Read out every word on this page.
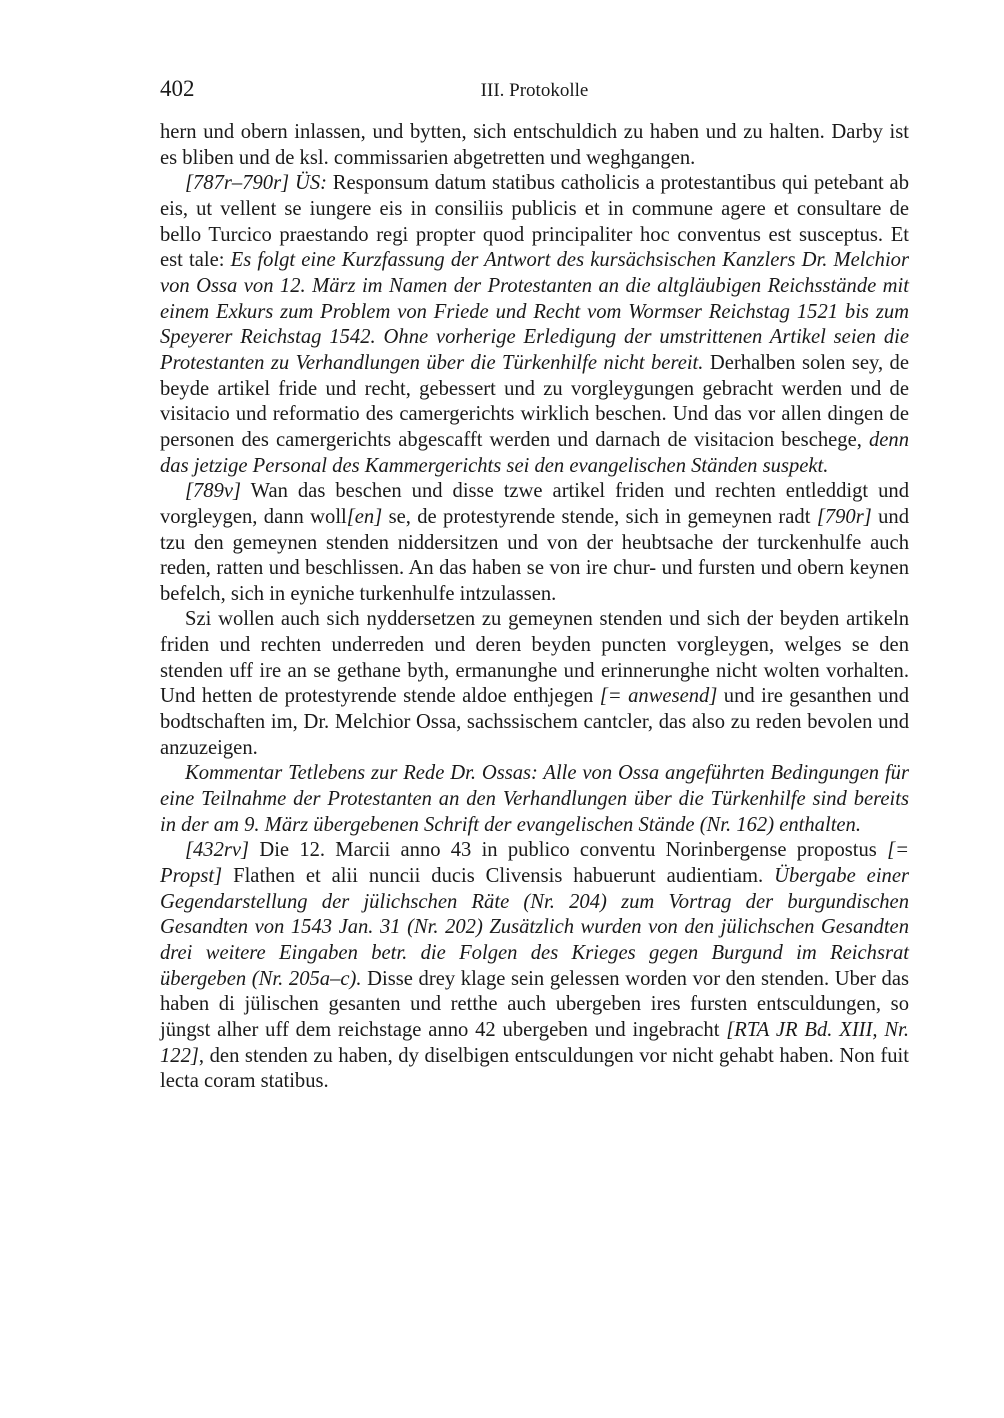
402	III. Protokolle

hern und obern inlassen, und bytten, sich entschuldich zu haben und zu halten. Darby ist es bliben und de ksl. commissarien abgetretten und weghgangen.

[787r–790r] ÜS: Responsum datum statibus catholicis a protestantibus qui petebant ab eis, ut vellent se iungere eis in consiliis publicis et in commune agere et consultare de bello Turcico praestando regi propter quod principaliter hoc conventus est susceptus. Et est tale: Es folgt eine Kurzfassung der Antwort des kursächsischen Kanzlers Dr. Melchior von Ossa von 12. März im Namen der Protestanten an die altgläubigen Reichsstände mit einem Exkurs zum Problem von Friede und Recht vom Wormser Reichstag 1521 bis zum Speyerer Reichstag 1542. Ohne vorherige Erledigung der umstrittenen Artikel seien die Protestanten zu Verhandlungen über die Türkenhilfe nicht bereit. Derhalben solen sey, de beyde artikel fride und recht, gebessert und zu vorgleygungen gebracht werden und de visitacio und reformatio des camergerichts wirklich beschen. Und das vor allen dingen de personen des camergerichts abgescafft werden und darnach de visitacion beschege, denn das jetzige Personal des Kammergerichts sei den evangelischen Ständen suspekt.

[789v] Wan das beschen und disse tzwe artikel friden und rechten entleddigt und vorgleygen, dann woll[en] se, de protestyrende stende, sich in gemeynen radt [790r] und tzu den gemeynen stenden niddersitzen und von der heubtsache der turckenhulfe auch reden, ratten und beschlissen. An das haben se von ire chur- und fursten und obern keynen befelch, sich in eyniche turkenhulfe intzulassen.

Szi wollen auch sich nyddersetzen zu gemeynen stenden und sich der beyden artikeln friden und rechten underreden und deren beyden puncten vorgleygen, welges se den stenden uff ire an se gethane byth, ermanunghe und erinnerunghe nicht wolten vorhalten. Und hetten de protestyrende stende aldoe enthjegen [= anwesend] und ire gesanthen und bodtschaften im, Dr. Melchior Ossa, sachssischem cantcler, das also zu reden bevolen und anzuzeigen.

Kommentar Tetlebens zur Rede Dr. Ossas: Alle von Ossa angeführten Bedingungen für eine Teilnahme der Protestanten an den Verhandlungen über die Türkenhilfe sind bereits in der am 9. März übergebenen Schrift der evangelischen Stände (Nr. 162) enthalten.

[432rv] Die 12. Marcii anno 43 in publico conventu Norinbergense propostus [= Propst] Flathen et alii nuncii ducis Clivensis habuerunt audientiam. Übergabe einer Gegendarstellung der jülichschen Räte (Nr. 204) zum Vortrag der burgundischen Gesandten von 1543 Jan. 31 (Nr. 202) Zusätzlich wurden von den jülichschen Gesandten drei weitere Eingaben betr. die Folgen des Krieges gegen Burgund im Reichsrat übergeben (Nr. 205a–c). Disse drey klage sein gelessen worden vor den stenden. Uber das haben di jülischen gesanten und retthe auch ubergeben ires fursten entsculdungen, so jüngst alher uff dem reichstage anno 42 ubergeben und ingebracht [RTA JR Bd. XIII, Nr. 122], den stenden zu haben, dy diselbigen entsculdungen vor nicht gehabt haben. Non fuit lecta coram statibus.
